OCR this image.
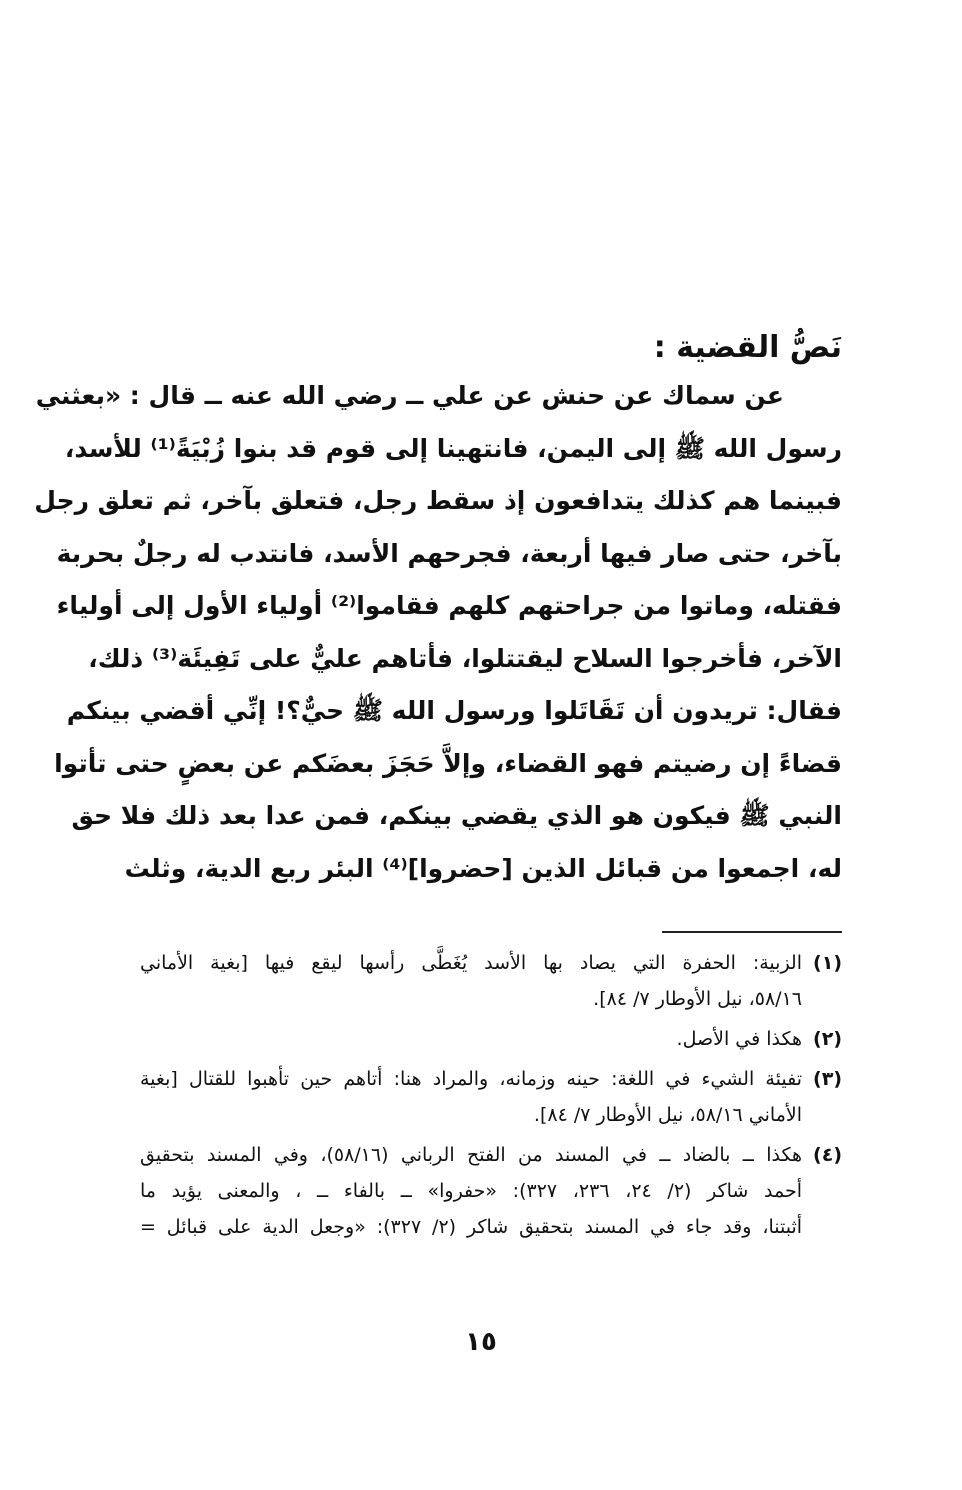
نَصُّ القضية :
عن سماك عن حنش عن علي ــ رضي الله عنه ــ قال : «بعثني
رسول الله ﷺ إلى اليمن، فانتهينا إلى قوم قد بنوا زُبْيَةً⁽¹⁾ للأسد،
فبينما هم كذلك يتدافعون إذ سقط رجل، فتعلق بآخر، ثم تعلق رجل
بآخر، حتى صار فيها أربعة، فجرحهم الأسد، فانتدب له رجلٌ بحربة
فقتله، وماتوا من جراحتهم كلهم فقاموا⁽²⁾ أولياء الأول إلى أولياء
الآخر، فأخرجوا السلاح ليقتتلوا، فأتاهم عليٌّ على تَفِيئَة⁽³⁾ ذلك،
فقال: تريدون أن تَقَاتَلوا ورسول الله ﷺ حيٌّ؟! إنِّي أقضي بينكم
قضاءً إن رضيتم فهو القضاء، وإلاَّ حَجَزَ بعضَكم عن بعضٍ حتى تأتوا
النبي ﷺ فيكون هو الذي يقضي بينكم، فمن عدا بعد ذلك فلا حق
له، اجمعوا من قبائل الذين [حضروا]⁽⁴⁾ البئر ربع الدية، وثلث
(١)
الزبية: الحفرة التي يصاد بها الأسد يُغَطَّى رأسها ليقع فيها [بغية الأماني
٥٨/١٦، نيل الأوطار ٧/ ٨٤].
(٢)
هكذا في الأصل.
(٣)
تفيئة الشيء في اللغة: حينه وزمانه، والمراد هنا: أتاهم حين تأهبوا للقتال [بغية
الأماني ٥٨/١٦، نيل الأوطار ٧/ ٨٤].
(٤)
هكذا ــ بالضاد ــ في المسند من الفتح الرباني (٥٨/١٦)، وفي المسند بتحقيق
أحمد شاكر (٢/ ٢٤، ٢٣٦، ٣٢٧): «حفروا» ــ بالفاء ــ ، والمعنى يؤيد ما
أثبتنا، وقد جاء في المسند بتحقيق شاكر (٢/ ٣٢٧): «وجعل الدية على قبائل =
١٥
